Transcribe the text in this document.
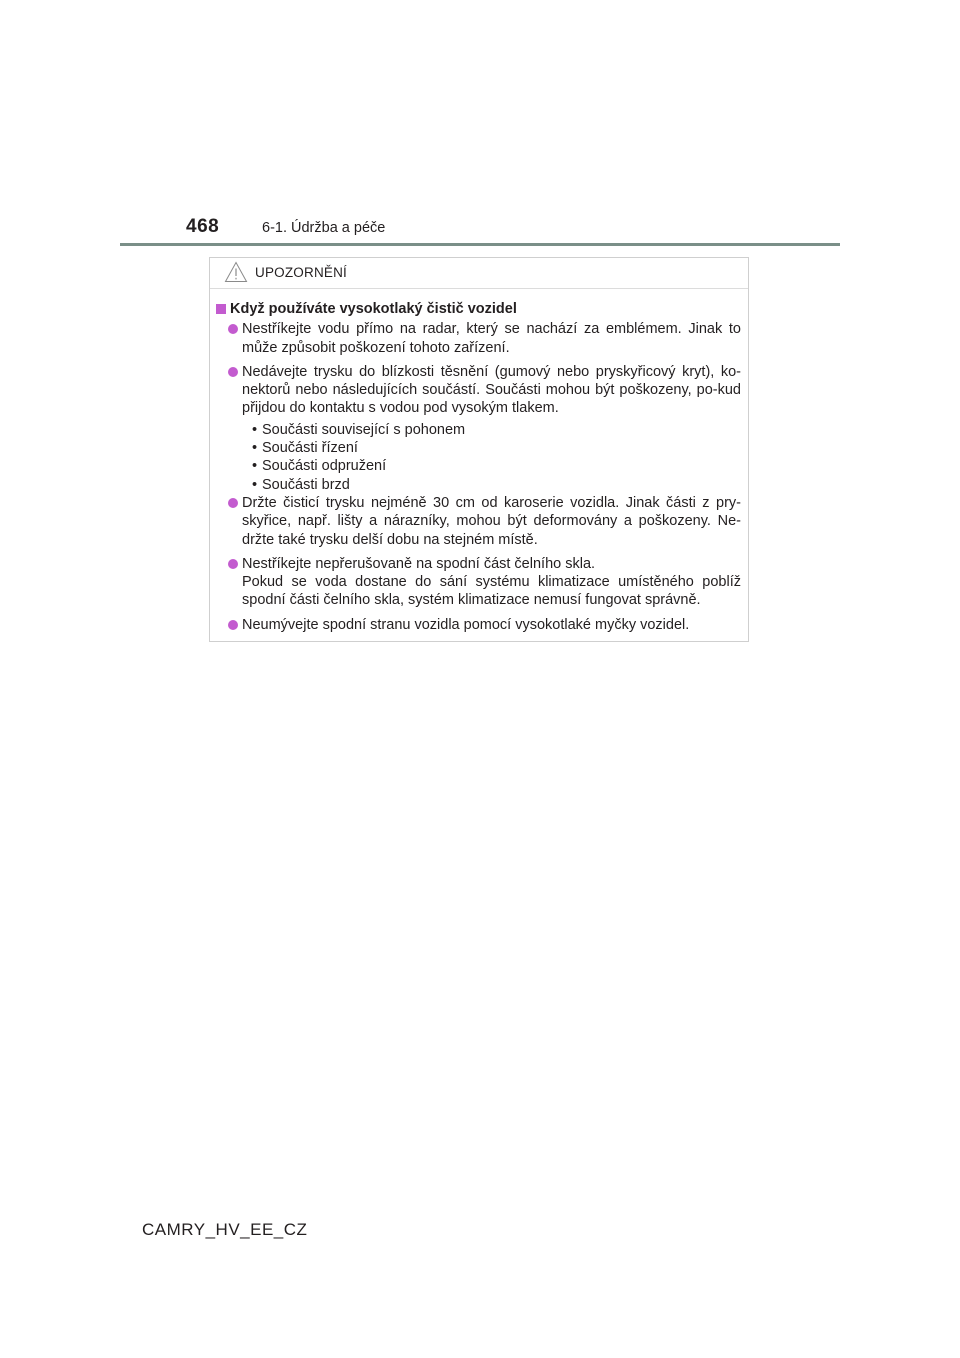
468	6-1. Údržba a péče
UPOZORNĚNÍ
Když používáte vysokotlaký čistič vozidel

Nestříkejte vodu přímo na radar, který se nachází za emblémem. Jinak to může způsobit poškození tohoto zařízení.

Nedávejte trysku do blízkosti těsnění (gumový nebo pryskyřicový kryt), ko-nektorů nebo následujících součástí. Součásti mohou být poškozeny, po-kud přijdou do kontaktu s vodou pod vysokým tlakem.

• Součásti související s pohonem
• Součásti řízení
• Součásti odpružení
• Součásti brzd

Držte čisticí trysku nejméně 30 cm od karoserie vozidla. Jinak části z pry-skyřice, např. lišty a nárazníky, mohou být deformovány a poškozeny. Ne-držte také trysku delší dobu na stejném místě.

Nestříkejte nepřerušovaně na spodní část čelního skla.

Pokud se voda dostane do sání systému klimatizace umístěného poblíž spodní části čelního skla, systém klimatizace nemusí fungovat správně.

Neumývejte spodní stranu vozidla pomocí vysokotlaké myčky vozidel.

CAMRY_HV_EE_CZ
